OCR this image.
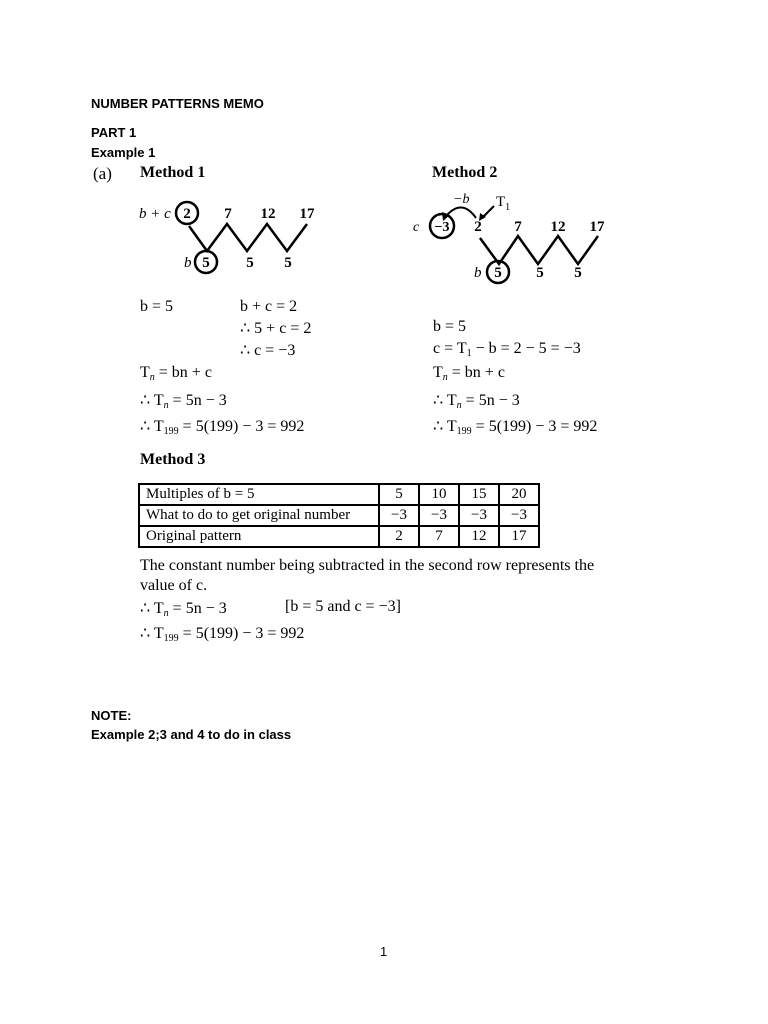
NUMBER PATTERNS MEMO
PART 1
Example 1
(a) Method 1	Method 2
b + c 2 7 12 17
b 5 5 5
−b $T_1$
c −3 2 7 12 17
b 5 5 5
b = 5	b + c = 2
∴ 5 + c = 2
∴ c = −3
$T_n$ = bn + c
∴ $T_n = 5n - 3$
∴ $T_{199} = 5(199) - 3 = 992$
b = 5
$c = T_1 - b = 2 - 5 = -3$
$T_n$ = bn + c
∴ $T_n = 5n - 3$
∴ $T_{199} = 5(199) - 3 = 992$
Method 3
Multiples of b = 5	5	10	15	20
What to do to get original number	−3	−3	−3	−3
Original pattern	2	7	12	17
The constant number being subtracted in the second row represents the
value of c.
∴ $T_n = 5n - 3$	[b = 5 and c = −3]
∴ $T_{199} = 5(199) - 3 = 992$
NOTE:
Example 2;3 and 4 to do in class
1
